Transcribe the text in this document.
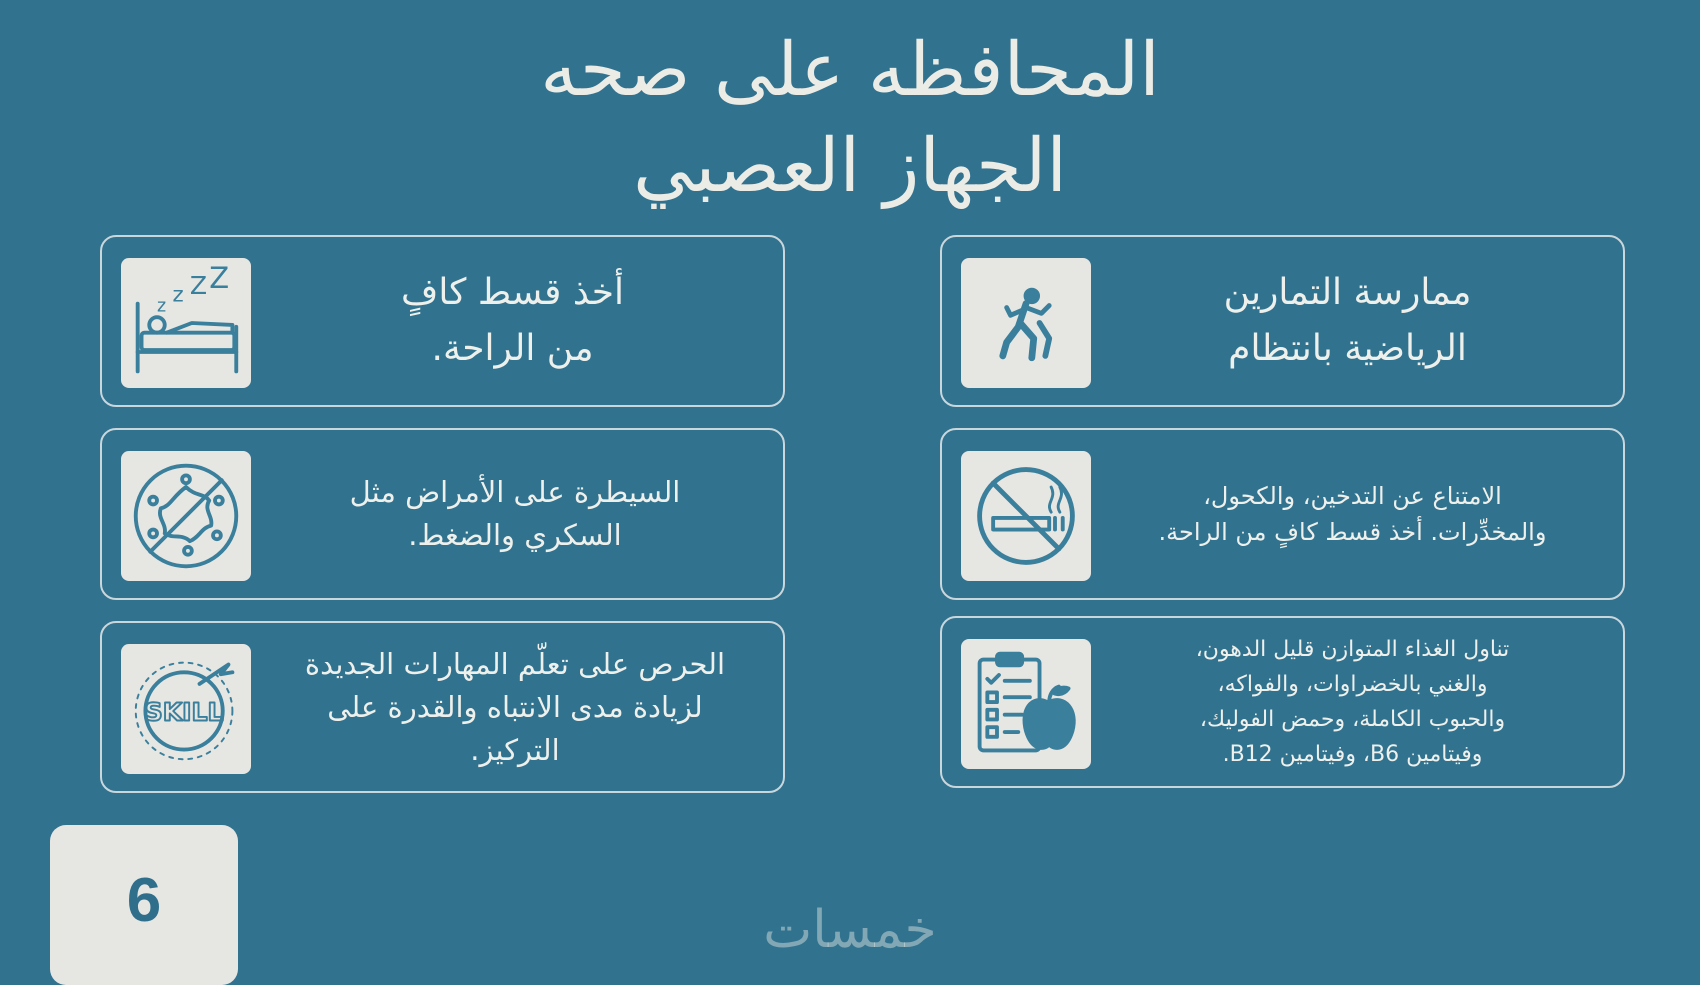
المحافظه على صحه
الجهاز العصبي
z z Z Z	أخذ قسط كافٍ
من الراحة.
السيطرة على الأمراض مثل
السكري والضغط.
SKILL
الحرص على تعلّم المهارات الجديدة
لزيادة مدى الانتباه والقدرة على
التركيز.
ممارسة التمارين
الرياضية بانتظام
الامتناع عن التدخين، والكحول،
والمخدِّرات. أخذ قسط كافٍ من الراحة.
تناول الغذاء المتوازن قليل الدهون،
والغني بالخضراوات، والفواكه،
والحبوب الكاملة، وحمض الفوليك،
وفيتامين B6، وفيتامين B12.
6	خمسات
